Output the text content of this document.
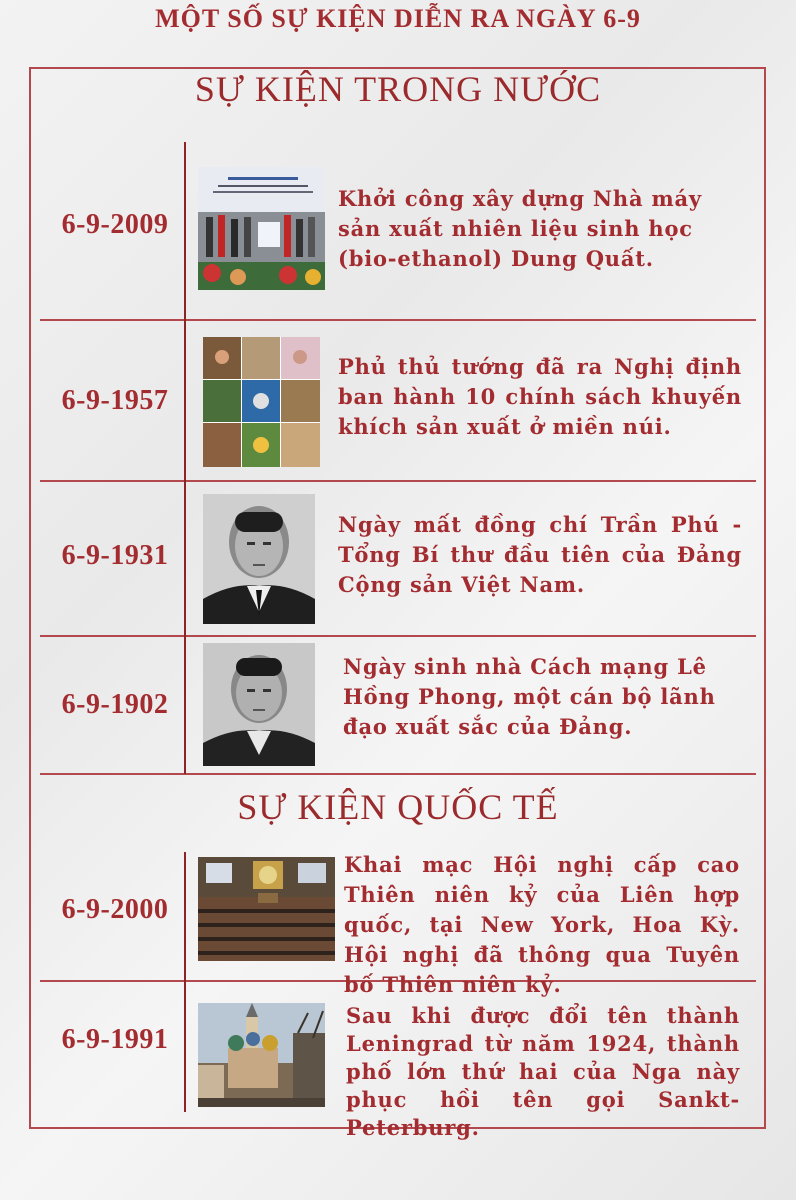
MỘT SỐ SỰ KIỆN DIỄN RA NGÀY 6-9
SỰ KIỆN TRONG NƯỚC
SỰ KIỆN QUỐC TẾ
6-9-2009
Khởi công xây dựng Nhà máy sản xuất nhiên liệu sinh học (bio-ethanol) Dung Quất.
6-9-1957
Phủ thủ tướng đã ra Nghị định ban hành 10 chính sách khuyến khích sản xuất ở miền núi.
6-9-1931
Ngày mất đồng chí Trần Phú - Tổng Bí thư đầu tiên của Đảng Cộng sản Việt Nam.
6-9-1902
Ngày sinh nhà Cách mạng Lê Hồng Phong, một cán bộ lãnh đạo xuất sắc của Đảng.
6-9-2000
Khai mạc Hội nghị cấp cao Thiên niên kỷ của Liên hợp quốc, tại New York, Hoa Kỳ. Hội nghị đã thông qua Tuyên bố Thiên niên kỷ.
6-9-1991
Sau khi được đổi tên thành Leningrad từ năm 1924, thành phố lớn thứ hai của Nga này phục hồi tên gọi Sankt-Peterburg.
